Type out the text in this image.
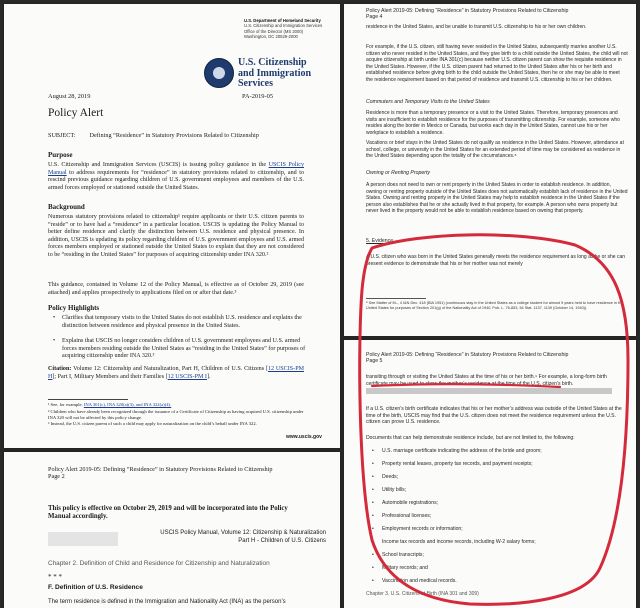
U.S. Department of Homeland Security
U.S. Citizenship and Immigration Services
Office of the Director (MS 2000)
Washington, DC 20529-2000
U.S. Citizenship
and Immigration
Services
August 28, 2019	PA-2019-05
Policy Alert
SUBJECT: Defining “Residence” in Statutory Provisions Related to Citizenship
Purpose
U.S. Citizenship and Immigration Services (USCIS) is issuing policy guidance in the USCIS Policy Manual to address requirements for “residence” in statutory provisions related to citizenship, and to rescind previous guidance regarding children of U.S. government employees and members of the U.S. armed forces employed or stationed outside the United States.
Background
Numerous statutory provisions related to citizenship¹ require applicants or their U.S. citizen parents to “reside” or to have had a “residence” in a particular location. USCIS is updating the Policy Manual to better define residence and clarify the distinction between U.S. residence and physical presence. In addition, USCIS is updating its policy regarding children of U.S. government employees and U.S. armed forces members employed or stationed outside the United States to explain that they are not considered to be “residing in the United States” for purposes of acquiring citizenship under INA 320.²
This guidance, contained in Volume 12 of the Policy Manual, is effective as of October 29, 2019 (see attached) and applies prospectively to applications filed on or after that date.³
Policy Highlights
• Clarifies that temporary visits to the United States do not establish U.S. residence and explains the distinction between residence and physical presence in the United States.
• Explains that USCIS no longer considers children of U.S. government employees and U.S. armed forces members residing outside the United States as “residing in the United States” for purposes of acquiring citizenship under INA 320.³
Citation: Volume 12: Citizenship and Naturalization, Part H, Children of U.S. Citizens [12 USCIS-PM H]; Part I, Military Members and their Families [12 USCIS-PM I].
¹ See, for example, INA 301(c), INA 320(a)(3), and INA 322(a)(4).
² Children who have already been recognized through the issuance of a Certificate of Citizenship as having acquired U.S. citizenship under INA 320 will not be affected by this policy change.
³ Instead, the U.S. citizen parent of such a child may apply for naturalization on the child’s behalf under INA 322.
www.uscis.gov
Policy Alert 2019-05: Defining “Residence” in Statutory Provisions Related to Citizenship
Page 2
This policy is effective on October 29, 2019 and will be incorporated into the Policy Manual accordingly.
USCIS Policy Manual, Volume 12: Citizenship & Naturalization
Part H - Children of U.S. Citizens
Chapter 2. Definition of Child and Residence for Citizenship and Naturalization
* * *
F. Definition of U.S. Residence
The term residence is defined in the Immigration and Nationality Act (INA) as the person’s
Policy Alert 2019-05: Defining “Residence” in Statutory Provisions Related to Citizenship
Page 4
residence in the United States, and be unable to transmit U.S. citizenship to his or her own children.
For example, if the U.S. citizen, still having never resided in the United States, subsequently marries another U.S. citizen who never resided in the United States, and they give birth to a child outside the United States, the child will not acquire citizenship at birth under INA 301(c) because neither U.S. citizen parent can show the requisite residence in the United States. However, if the U.S. citizen parent had returned to the United States after his or her birth and established residence before giving birth to the child outside the United States, then he or she may be able to meet the residence requirement based on that period of residence and transmit U.S. citizenship to his or her children.
Commuters and Temporary Visits to the United States
Residence is more than a temporary presence or a visit to the United States. Therefore, temporary presences and visits are insufficient to establish residence for the purposes of transmitting citizenship. For example, someone who resides along the border in Mexico or Canada, but works each day in the United States, cannot use his or her workplace to establish a residence.
Vacations or brief stays in the United States do not qualify as residence in the United States. However, attendance at school, college, or university in the United States for an extended period of time may be considered as residence in the United States depending upon the totality of the circumstances.⁸
Owning or Renting Property
A person does not need to own or rent property in the United States in order to establish residence. In addition, owning or renting property outside of the United States does not automatically establish lack of residence in the United States. Owning and renting property in the United States may help to establish residence in the United States if the person also establishes that he or she actually lived in that property, for example. A person who owns property but never lived in the property would not be able to establish residence based on owning that property.
5. Evidence
A U.S. citizen who was born in the United States generally meets the residence requirement as long as he or she can present evidence to demonstrate that his or her mother was not merely
⁸ See Matter of M–, 4 I&N Dec. 418 (BIA 1951) (continuous stay in the United States as a college student for almost 9 years held to have residence in the United States for purposes of Section 201(g) of the Nationality Act of 1940, Pub. L. 76-853, 54 Stat. 1137, 1139 (October 14, 1940)).
Policy Alert 2019-05: Defining “Residence” in Statutory Provisions Related to Citizenship
Page 5
transiting through or visiting the United States at the time of his or her birth.⁹ For example, a long-form birth certificate may be used to show the mother’s residence at the time of the U.S. citizen’s birth.
If a U.S. citizen’s birth certificate indicates that his or her mother’s address was outside of the United States at the time of the birth, USCIS may find that the U.S. citizen does not meet the residence requirement unless the U.S. citizen can prove U.S. residence.
Documents that can help demonstrate residence include, but are not limited to, the following:
• U.S. marriage certificate indicating the address of the bride and groom;
• Property rental leases, property tax records, and payment receipts;
• Deeds;
• Utility bills;
• Automobile registrations;
• Professional licenses;
• Employment records or information;
• Income tax records and income records, including W-2 salary forms;
• School transcripts;
• Military records; and
• Vaccination and medical records.
Chapter 3. U.S. Citizens at Birth (INA 301 and 309)
